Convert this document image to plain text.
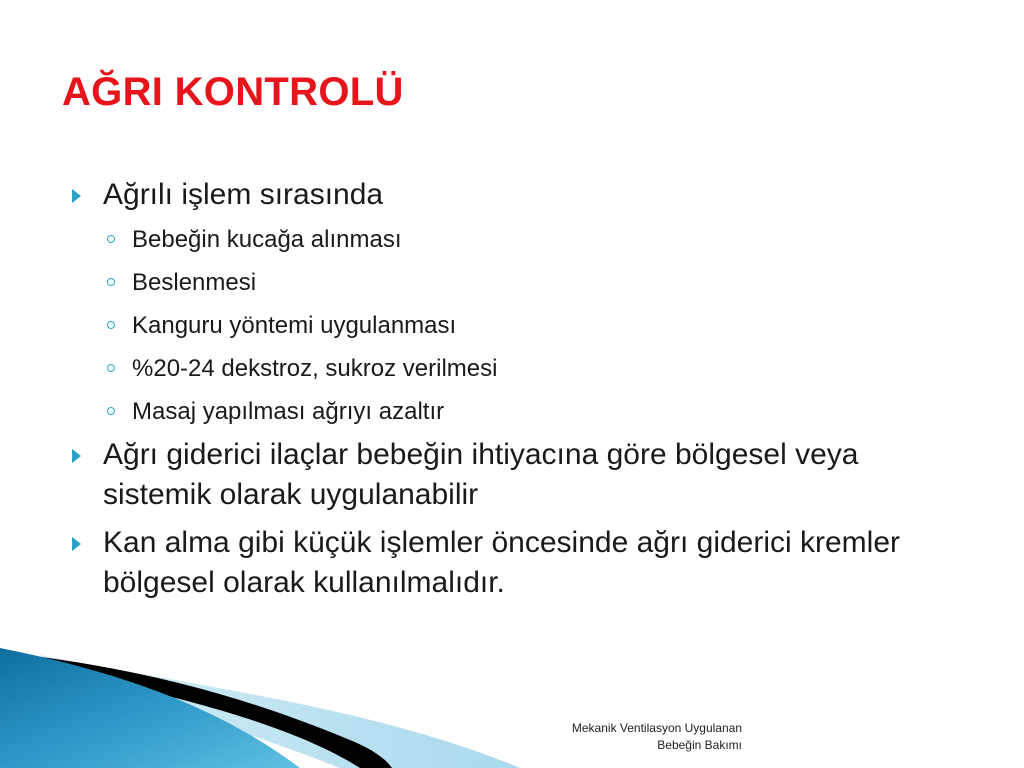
AĞRI KONTROLÜ
Ağrılı işlem sırasında
Bebeğin kucağa alınması
Beslenmesi
Kanguru yöntemi uygulanması
%20-24 dekstroz, sukroz verilmesi
Masaj yapılması ağrıyı azaltır
Ağrı giderici ilaçlar bebeğin ihtiyacına göre bölgesel veya sistemik olarak uygulanabilir
Kan alma gibi küçük işlemler öncesinde ağrı giderici kremler bölgesel olarak kullanılmalıdır.
Mekanik Ventilasyon Uygulanan
Bebeğin Bakımı
